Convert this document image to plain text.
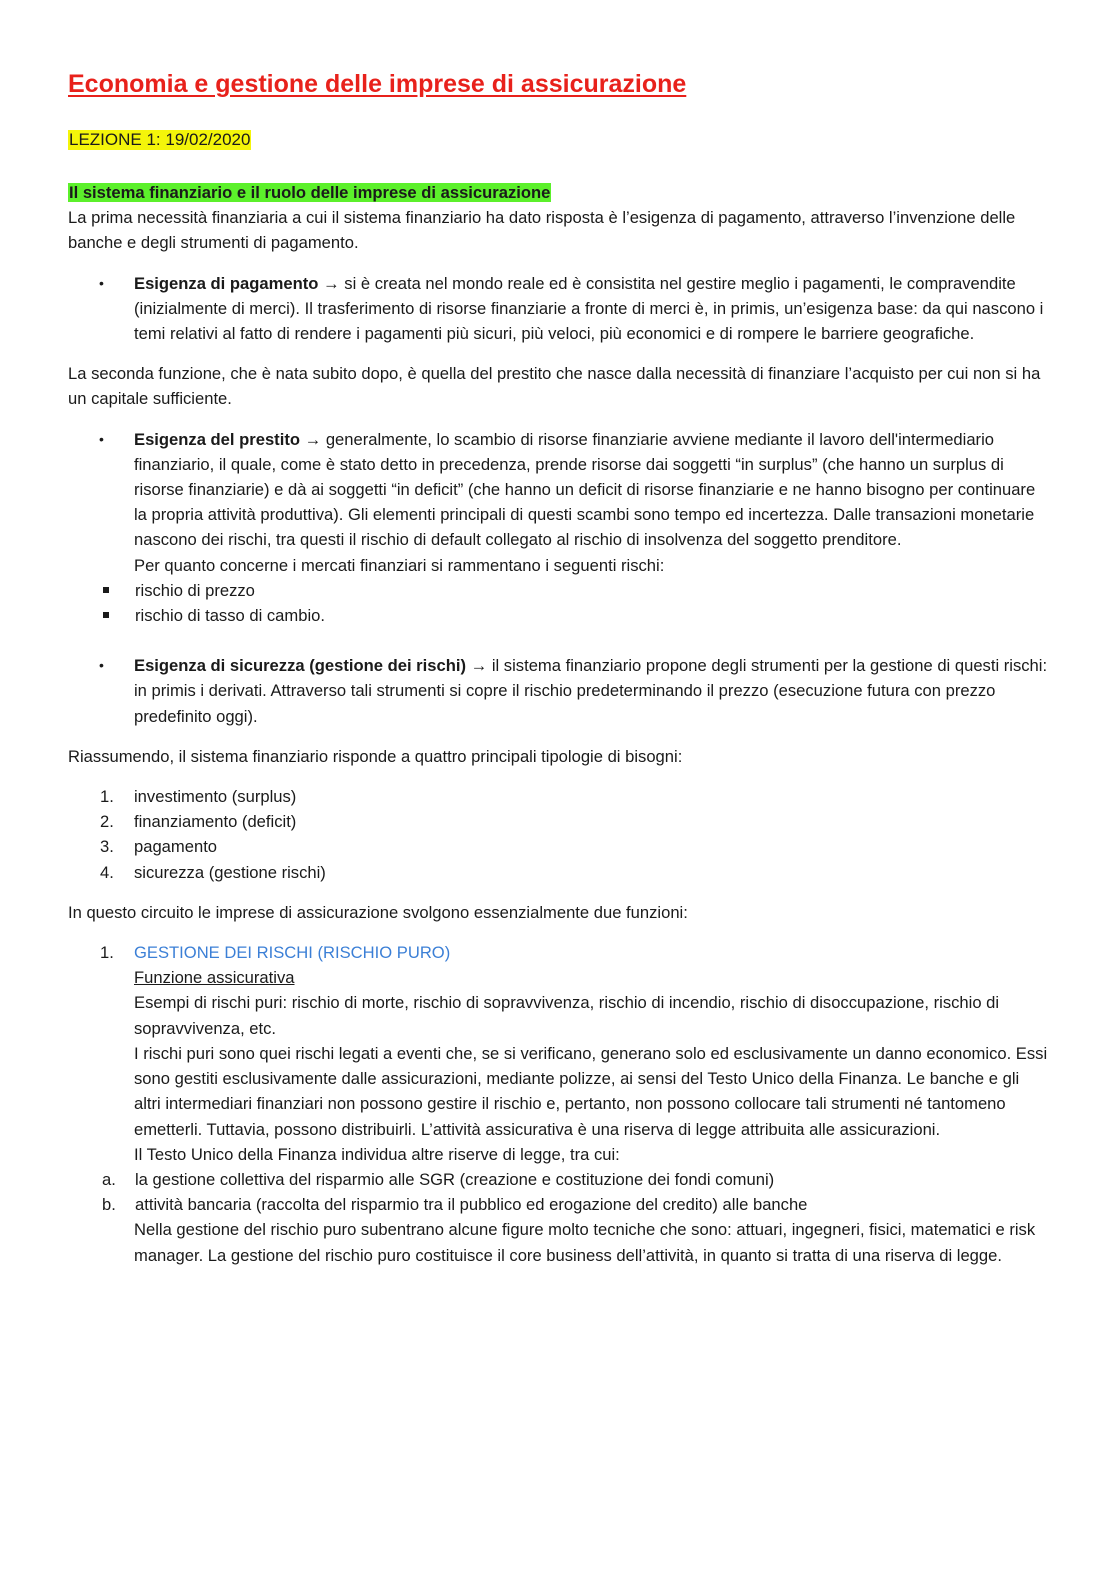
Economia e gestione delle imprese di assicurazione
LEZIONE 1: 19/02/2020

Il sistema finanziario e il ruolo delle imprese di assicurazione

La prima necessità finanziaria a cui il sistema finanziario ha dato risposta è l’esigenza di pagamento, attraverso l’invenzione delle banche e degli strumenti di pagamento.

• Esigenza di pagamento → si è creata nel mondo reale ed è consistita nel gestire meglio i pagamenti, le compravendite (inizialmente di merci). Il trasferimento di risorse finanziarie a fronte di merci è, in primis, un’esigenza base: da qui nascono i temi relativi al fatto di rendere i pagamenti più sicuri, più veloci, più economici e di rompere le barriere geografiche.

La seconda funzione, che è nata subito dopo, è quella del prestito che nasce dalla necessità di finanziare l’acquisto per cui non si ha un capitale sufficiente.

• Esigenza del prestito → generalmente, lo scambio di risorse finanziarie avviene mediante il lavoro dell'intermediario finanziario, il quale, come è stato detto in precedenza, prende risorse dai soggetti “in surplus” (che hanno un surplus di risorse finanziarie) e dà ai soggetti “in deficit” (che hanno un deficit di risorse finanziarie e ne hanno bisogno per continuare la propria attività produttiva). Gli elementi principali di questi scambi sono tempo ed incertezza. Dalle transazioni monetarie nascono dei rischi, tra questi il rischio di default collegato al rischio di insolvenza del soggetto prenditore.
Per quanto concerne i mercati finanziari si rammentano i seguenti rischi:
rischio di prezzo
rischio di tasso di cambio.
• Esigenza di sicurezza (gestione dei rischi) → il sistema finanziario propone degli strumenti per la gestione di questi rischi: in primis i derivati. Attraverso tali strumenti si copre il rischio predeterminando il prezzo (esecuzione futura con prezzo predefinito oggi).

Riassumendo, il sistema finanziario risponde a quattro principali tipologie di bisogni:

1. investimento (surplus)
2. finanziamento (deficit)
3. pagamento
4. sicurezza (gestione rischi)

In questo circuito le imprese di assicurazione svolgono essenzialmente due funzioni:

1. GESTIONE DEI RISCHI (RISCHIO PURO)
Funzione assicurativa
Esempi di rischi puri: rischio di morte, rischio di sopravvivenza, rischio di incendio, rischio di disoccupazione, rischio di sopravvivenza, etc.
I rischi puri sono quei rischi legati a eventi che, se si verificano, generano solo ed esclusivamente un danno economico. Essi sono gestiti esclusivamente dalle assicurazioni, mediante polizze, ai sensi del Testo Unico della Finanza. Le banche e gli altri intermediari finanziari non possono gestire il rischio e, pertanto, non possono collocare tali strumenti né tantomeno emetterli. Tuttavia, possono distribuirli. L’attività assicurativa è una riserva di legge attribuita alle assicurazioni.
Il Testo Unico della Finanza individua altre riserve di legge, tra cui:
a. la gestione collettiva del risparmio alle SGR (creazione e costituzione dei fondi comuni)
b. attività bancaria (raccolta del risparmio tra il pubblico ed erogazione del credito) alle banche
Nella gestione del rischio puro subentrano alcune figure molto tecniche che sono: attuari, ingegneri, fisici, matematici e risk manager. La gestione del rischio puro costituisce il core business dell’attività, in quanto si tratta di una riserva di legge.
